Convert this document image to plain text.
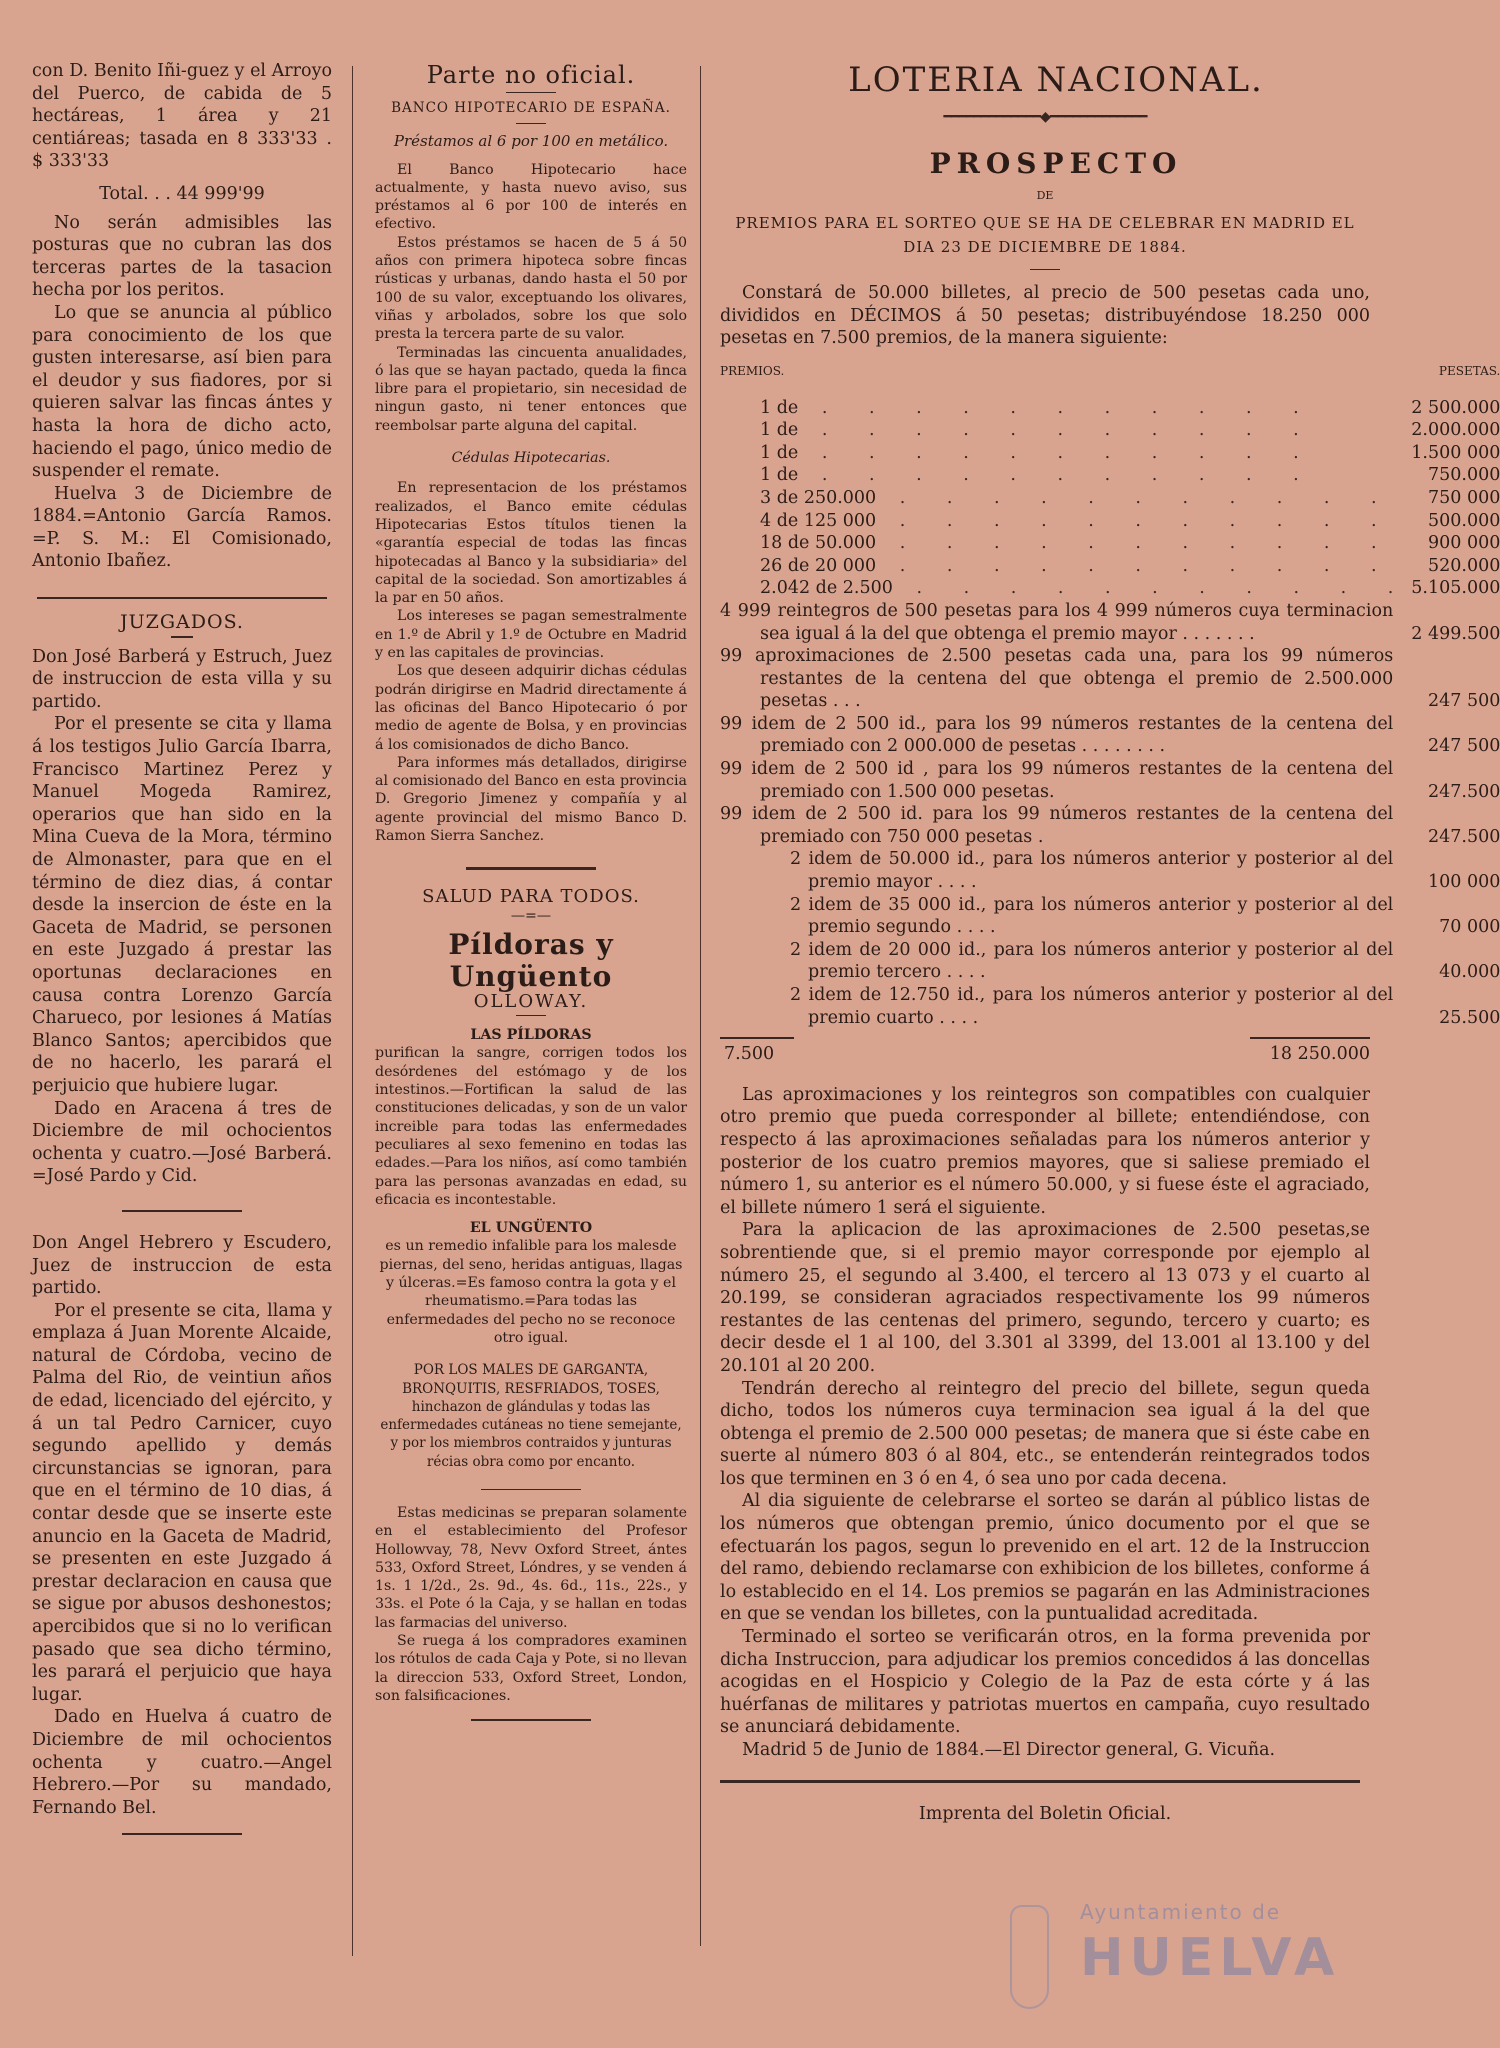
con D. Benito Iñi-guez y el Arroyo del Puerco, de cabida de 5 hectáreas, 1 área y 21 centiáreas; tasada en 8 333'33 . $ 333'33

Total. . . 44 999'99

No serán admisibles las posturas que no cubran las dos terceras partes de la tasacion hecha por los peritos.

Lo que se anuncia al público para conocimiento de los que gusten interesarse, así bien para el deudor y sus fiadores, por si quieren salvar las fincas ántes y hasta la hora de dicho acto, haciendo el pago, único medio de suspender el remate.

Huelva 3 de Diciembre de 1884.=Antonio García Ramos. =P. S. M.: El Comisionado, Antonio Ibañez.

JUZGADOS.

Don José Barberá y Estruch, Juez de instruccion de esta villa y su partido.

Por el presente se cita y llama á los testigos Julio García Ibarra, Francisco Martinez Perez y Manuel Mogeda Ramirez, operarios que han sido en la Mina Cueva de la Mora, término de Almonaster, para que en el término de diez dias, á contar desde la insercion de éste en la Gaceta de Madrid, se personen en este Juzgado á prestar las oportunas declaraciones en causa contra Lorenzo García Charueco, por lesiones á Matías Blanco Santos; apercibidos que de no hacerlo, les parará el perjuicio que hubiere lugar.

Dado en Aracena á tres de Diciembre de mil ochocientos ochenta y cuatro.—José Barberá. =José Pardo y Cid.

Don Angel Hebrero y Escudero, Juez de instruccion de esta partido.

Por el presente se cita, llama y emplaza á Juan Morente Alcaide, natural de Córdoba, vecino de Palma del Rio, de veintiun años de edad, licenciado del ejército, y á un tal Pedro Carnicer, cuyo segundo apellido y demás circunstancias se ignoran, para que en el término de 10 dias, á contar desde que se inserte este anuncio en la Gaceta de Madrid, se presenten en este Juzgado á prestar declaracion en causa que se sigue por abusos deshonestos; apercibidos que si no lo verifican pasado que sea dicho término, les parará el perjuicio que haya lugar.

Dado en Huelva á cuatro de Diciembre de mil ochocientos ochenta y cuatro.—Angel Hebrero.—Por su mandado, Fernando Bel.

Parte no oficial.

BANCO HIPOTECARIO DE ESPAÑA.

Préstamos al 6 por 100 en metálico.

El Banco Hipotecario hace actualmente, y hasta nuevo aviso, sus préstamos al 6 por 100 de interés en efectivo.

Estos préstamos se hacen de 5 á 50 años con primera hipoteca sobre fincas rústicas y urbanas, dando hasta el 50 por 100 de su valor, exceptuando los olivares, viñas y arbolados, sobre los que solo presta la tercera parte de su valor.

Terminadas las cincuenta anualidades, ó las que se hayan pactado, queda la finca libre para el propietario, sin necesidad de ningun gasto, ni tener entonces que reembolsar parte alguna del capital.

Cédulas Hipotecarias.

En representacion de los préstamos realizados, el Banco emite cédulas Hipotecarias Estos títulos tienen la «garantía especial de todas las fincas hipotecadas al Banco y la subsidiaria» del capital de la sociedad. Son amortizables á la par en 50 años.

Los intereses se pagan semestralmente en 1.º de Abril y 1.º de Octubre en Madrid y en las capitales de provincias.

Los que deseen adquirir dichas cédulas podrán dirigirse en Madrid directamente á las oficinas del Banco Hipotecario ó por medio de agente de Bolsa, y en provincias á los comisionados de dicho Banco.

Para informes más detallados, dirigirse al comisionado del Banco en esta provincia D. Gregorio Jimenez y compañía y al agente provincial del mismo Banco D. Ramon Sierra Sanchez.

SALUD PARA TODOS.

—=—

Píldoras y Ungüento

OLLOWAY.

LAS PÍLDORAS

purifican la sangre, corrigen todos los desórdenes del estómago y de los intestinos.—Fortifican la salud de las constituciones delicadas, y son de un valor increible para todas las enfermedades peculiares al sexo femenino en todas las edades.—Para los niños, así como también para las personas avanzadas en edad, su eficacia es incontestable.

EL UNGÜENTO

es un remedio infalible para los malesde piernas, del seno, heridas antiguas, llagas y úlceras.=Es famoso contra la gota y el rheumatismo.=Para todas las enfermedades del pecho no se reconoce otro igual.

POR LOS MALES DE GARGANTA, BRONQUITIS, RESFRIADOS, TOSES, hinchazon de glándulas y todas las enfermedades cutáneas no tiene semejante, y por los miembros contraidos y junturas récias obra como por encanto.

Estas medicinas se preparan solamente en el establecimiento del Profesor Hollowvay, 78, Nevv Oxford Street, ántes 533, Oxford Street, Lóndres, y se venden á 1s. 1 1/2d., 2s. 9d., 4s. 6d., 11s., 22s., y 33s. el Pote ó la Caja, y se hallan en todas las farmacias del universo.

Se ruega á los compradores examinen los rótulos de cada Caja y Pote, si no llevan la direccion 533, Oxford Street, London, son falsificaciones.

LOTERIA NACIONAL.

━━━━━━━━━━━━━◆━━━━━━━━━━━━━

PROSPECTO

DE

PREMIOS PARA EL SORTEO QUE SE HA DE CELEBRAR EN MADRID EL DIA 23 DE DICIEMBRE DE 1884.

Constará de 50.000 billetes, al precio de 500 pesetas cada uno, divididos en DÉCIMOS á 50 pesetas; distribuyéndose 18.250 000 pesetas en 7.500 premios, de la manera siguiente:

PREMIOS.	PESETAS.

1 de . . . . . . . . . . .	2 500.000
1 de . . . . . . . . . . .	2.000.000
1 de . . . . . . . . . . .	1.500 000
1 de . . . . . . . . . . .	750.000
3 de 250.000 . . . . . . . . . . .	750 000
4 de 125 000 . . . . . . . . . . .	500.000
18 de 50.000 . . . . . . . . . . .	900 000
26 de 20 000 . . . . . . . . . . .	520.000
2.042 de 2.500 . . . . . . . . . . .	5.105.000
4 999 reintegros de 500 pesetas para los 4 999 números cuya terminacion sea igual á la del que obtenga el premio mayor . . . . . . .	2 499.500
99 aproximaciones de 2.500 pesetas cada una, para los 99 números restantes de la centena del que obtenga el premio de 2.500.000 pesetas . . .	247 500
99 idem de 2 500 id., para los 99 números restantes de la centena del premiado con 2 000.000 de pesetas . . . . . . . .	247 500
99 idem de 2 500 id , para los 99 números restantes de la centena del premiado con 1.500 000 pesetas.	247.500
99 idem de 2 500 id. para los 99 números restantes de la centena del premiado con 750 000 pesetas .	247.500
2 idem de 50.000 id., para los números anterior y posterior al del premio mayor . . . .	100 000
2 idem de 35 000 id., para los números anterior y posterior al del premio segundo . . . .	70 000
2 idem de 20 000 id., para los números anterior y posterior al del premio tercero . . . .	40.000
2 idem de 12.750 id., para los números anterior y posterior al del premio cuarto . . . .	25.500
7.500	18 250.000

Las aproximaciones y los reintegros son compatibles con cualquier otro premio que pueda corresponder al billete; entendiéndose, con respecto á las aproximaciones señaladas para los números anterior y posterior de los cuatro premios mayores, que si saliese premiado el número 1, su anterior es el número 50.000, y si fuese éste el agraciado, el billete número 1 será el siguiente.

Para la aplicacion de las aproximaciones de 2.500 pesetas,se sobrentiende que, si el premio mayor corresponde por ejemplo al número 25, el segundo al 3.400, el tercero al 13 073 y el cuarto al 20.199, se consideran agraciados respectivamente los 99 números restantes de las centenas del primero, segundo, tercero y cuarto; es decir desde el 1 al 100, del 3.301 al 3399, del 13.001 al 13.100 y del 20.101 al 20 200.

Tendrán derecho al reintegro del precio del billete, segun queda dicho, todos los números cuya terminacion sea igual á la del que obtenga el premio de 2.500 000 pesetas; de manera que si éste cabe en suerte al número 803 ó al 804, etc., se entenderán reintegrados todos los que terminen en 3 ó en 4, ó sea uno por cada decena.

Al dia siguiente de celebrarse el sorteo se darán al público listas de los números que obtengan premio, único documento por el que se efectuarán los pagos, segun lo prevenido en el art. 12 de la Instruccion del ramo, debiendo reclamarse con exhibicion de los billetes, conforme á lo establecido en el 14. Los premios se pagarán en las Administraciones en que se vendan los billetes, con la puntualidad acreditada.

Terminado el sorteo se verificarán otros, en la forma prevenida por dicha Instruccion, para adjudicar los premios concedidos á las doncellas acogidas en el Hospicio y Colegio de la Paz de esta córte y á las huérfanas de militares y patriotas muertos en campaña, cuyo resultado se anunciará debidamente.

Madrid 5 de Junio de 1884.—El Director general, G. Vicuña.

Imprenta del Boletin Oficial.

Ayuntamiento de
HUELVA
